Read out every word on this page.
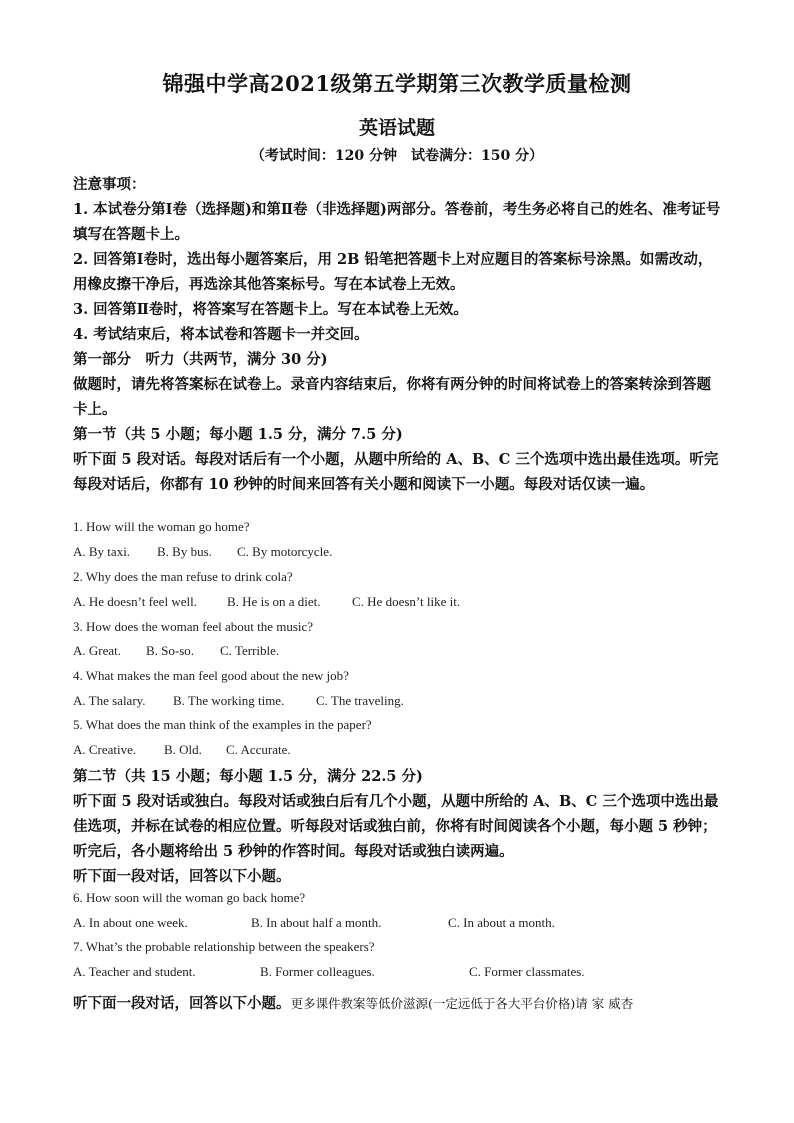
锦强中学高2021级第五学期第三次教学质量检测
英语试题
（考试时间：120 分钟　试卷满分：150 分）
注意事项：
1. 本试卷分第Ⅰ卷（选择题)和第Ⅱ卷（非选择题)两部分。答卷前，考生务必将自己的姓名、准考证号填写在答题卡上。
2. 回答第Ⅰ卷时，选出每小题答案后，用 2B 铅笔把答题卡上对应题目的答案标号涂黑。如需改动，用橡皮擦干净后，再选涂其他答案标号。写在本试卷上无效。
3. 回答第Ⅱ卷时，将答案写在答题卡上。写在本试卷上无效。
4. 考试结束后，将本试卷和答题卡一并交回。
第一部分　听力（共两节，满分 30 分)
做题时，请先将答案标在试卷上。录音内容结束后，你将有两分钟的时间将试卷上的答案转涂到答题卡上。
第一节（共 5 小题；每小题 1.5 分，满分 7.5 分)
听下面 5 段对话。每段对话后有一个小题，从题中所给的 A、B、C 三个选项中选出最佳选项。听完每段对话后，你都有 10 秒钟的时间来回答有关小题和阅读下一小题。每段对话仅读一遍。
1. How will the woman go home?
A. By taxi. B. By bus. C. By motorcycle.
2. Why does the man refuse to drink cola?
A. He doesn’t feel well. B. He is on a diet. C. He doesn’t like it.
3. How does the woman feel about the music?
A. Great. B. So-so. C. Terrible.
4. What makes the man feel good about the new job?
A. The salary. B. The working time. C. The traveling.
5. What does the man think of the examples in the paper?
A. Creative. B. Old. C. Accurate.
第二节（共 15 小题；每小题 1.5 分，满分 22.5 分)
听下面 5 段对话或独白。每段对话或独白后有几个小题，从题中所给的 A、B、C 三个选项中选出最佳选项，并标在试卷的相应位置。听每段对话或独白前，你将有时间阅读各个小题，每小题 5 秒钟；听完后，各小题将给出 5 秒钟的作答时间。每段对话或独白读两遍。
听下面一段对话，回答以下小题。
6. How soon will the woman go back home?
A. In about one week.	B. In about half a month.	C. In about a month.
7. What’s the probable relationship between the speakers?
A. Teacher and student.	B. Former colleagues.	C. Former classmates.
听下面一段对话，回答以下小题。更多课件教案等低价滋源(一定远低于各大平台价格)请 家 威杏
